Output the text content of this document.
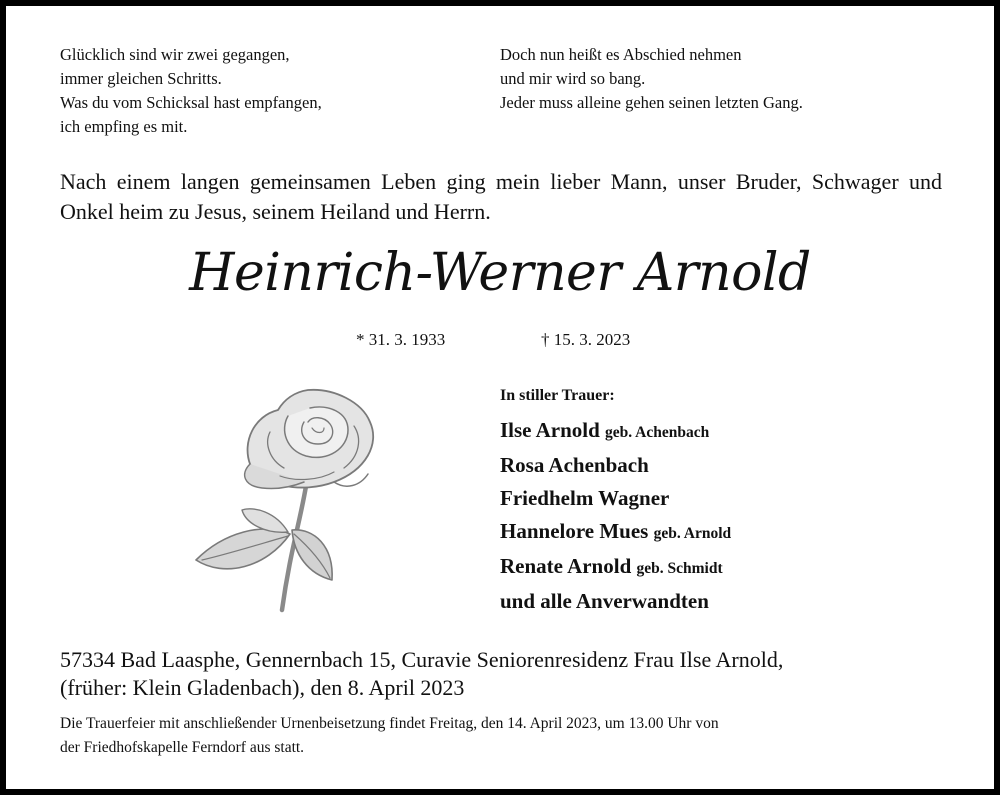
Glücklich sind wir zwei gegangen,
immer gleichen Schritts.
Was du vom Schicksal hast empfangen,
ich empfing es mit.
Doch nun heißt es Abschied nehmen
und mir wird so bang.
Jeder muss alleine gehen seinen letzten Gang.
Nach einem langen gemeinsamen Leben ging mein lieber Mann, unser Bruder, Schwager und Onkel heim zu Jesus, seinem Heiland und Herrn.
Heinrich-Werner Arnold
* 31. 3. 1933	† 15. 3. 2023
In stiller Trauer:
Ilse Arnold geb. Achenbach
Rosa Achenbach
Friedhelm Wagner
Hannelore Mues geb. Arnold
Renate Arnold geb. Schmidt
und alle Anverwandten
57334 Bad Laasphe, Gennernbach 15, Curavie Seniorenresidenz Frau Ilse Arnold,
(früher: Klein Gladenbach), den 8. April 2023
Die Trauerfeier mit anschließender Urnenbeisetzung findet Freitag, den 14. April 2023, um 13.00 Uhr von
der Friedhofskapelle Ferndorf aus statt.
